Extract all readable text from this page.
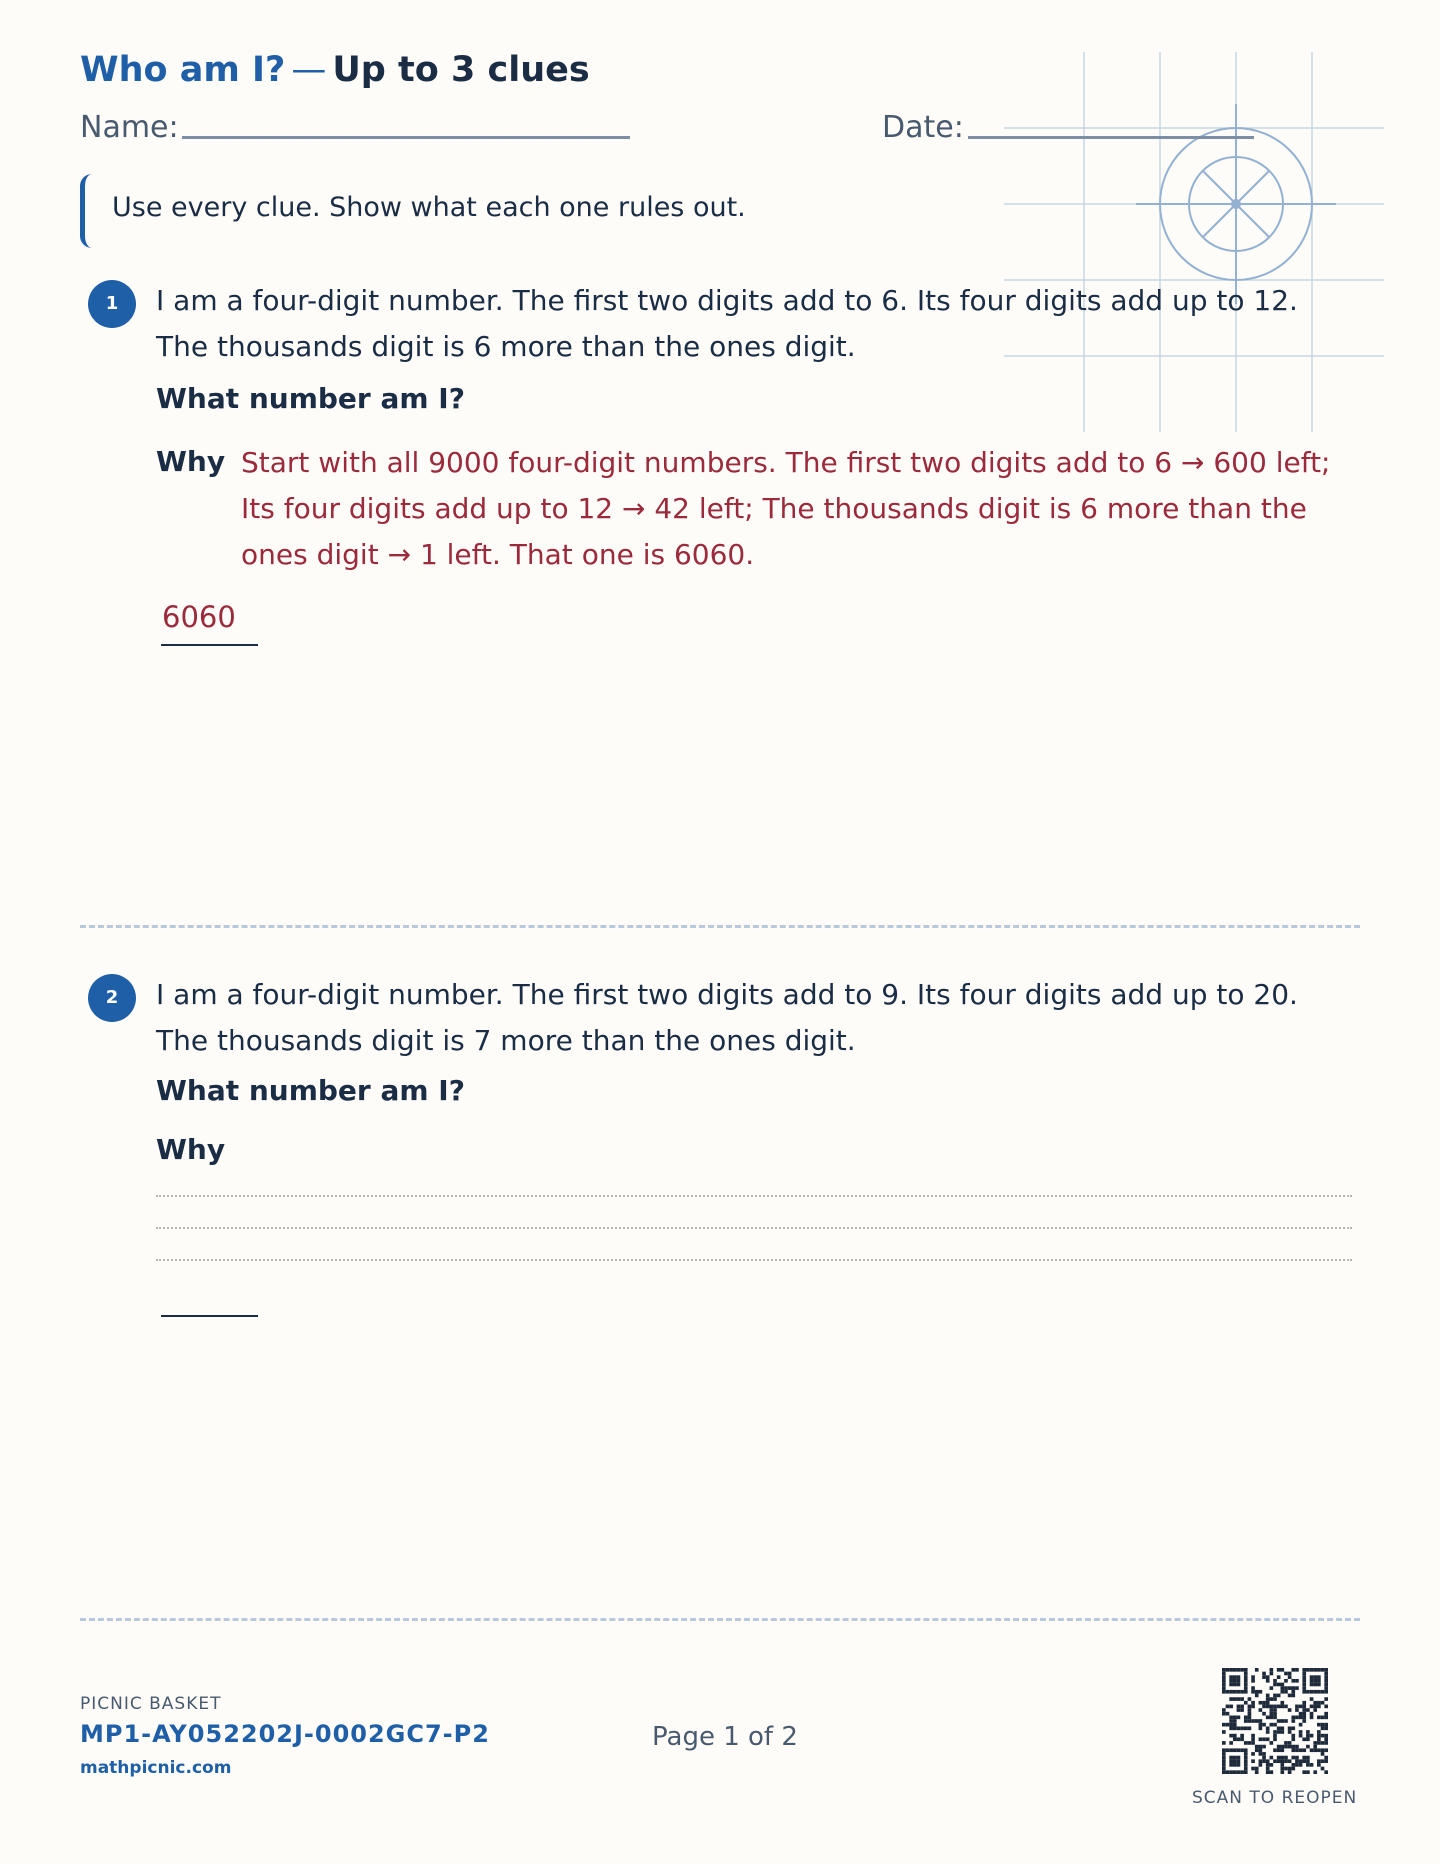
Who am I? — Up to 3 clues
Name:	Date:
Use every clue. Show what each one rules out.
1	I am a four-digit number. The first two digits add to 6. Its four digits add up to 12. The thousands digit is 6 more than the ones digit.
What number am I?
Why Start with all 9000 four-digit numbers. The first two digits add to 6 → 600 left; Its four digits add up to 12 → 42 left; The thousands digit is 6 more than the ones digit → 1 left. That one is 6060.
6060
2	I am a four-digit number. The first two digits add to 9. Its four digits add up to 20. The thousands digit is 7 more than the ones digit.
What number am I?
Why
PICNIC BASKET
MP1-AY052202J-0002GC7-P2
mathpicnic.com
Page 1 of 2
SCAN TO REOPEN
